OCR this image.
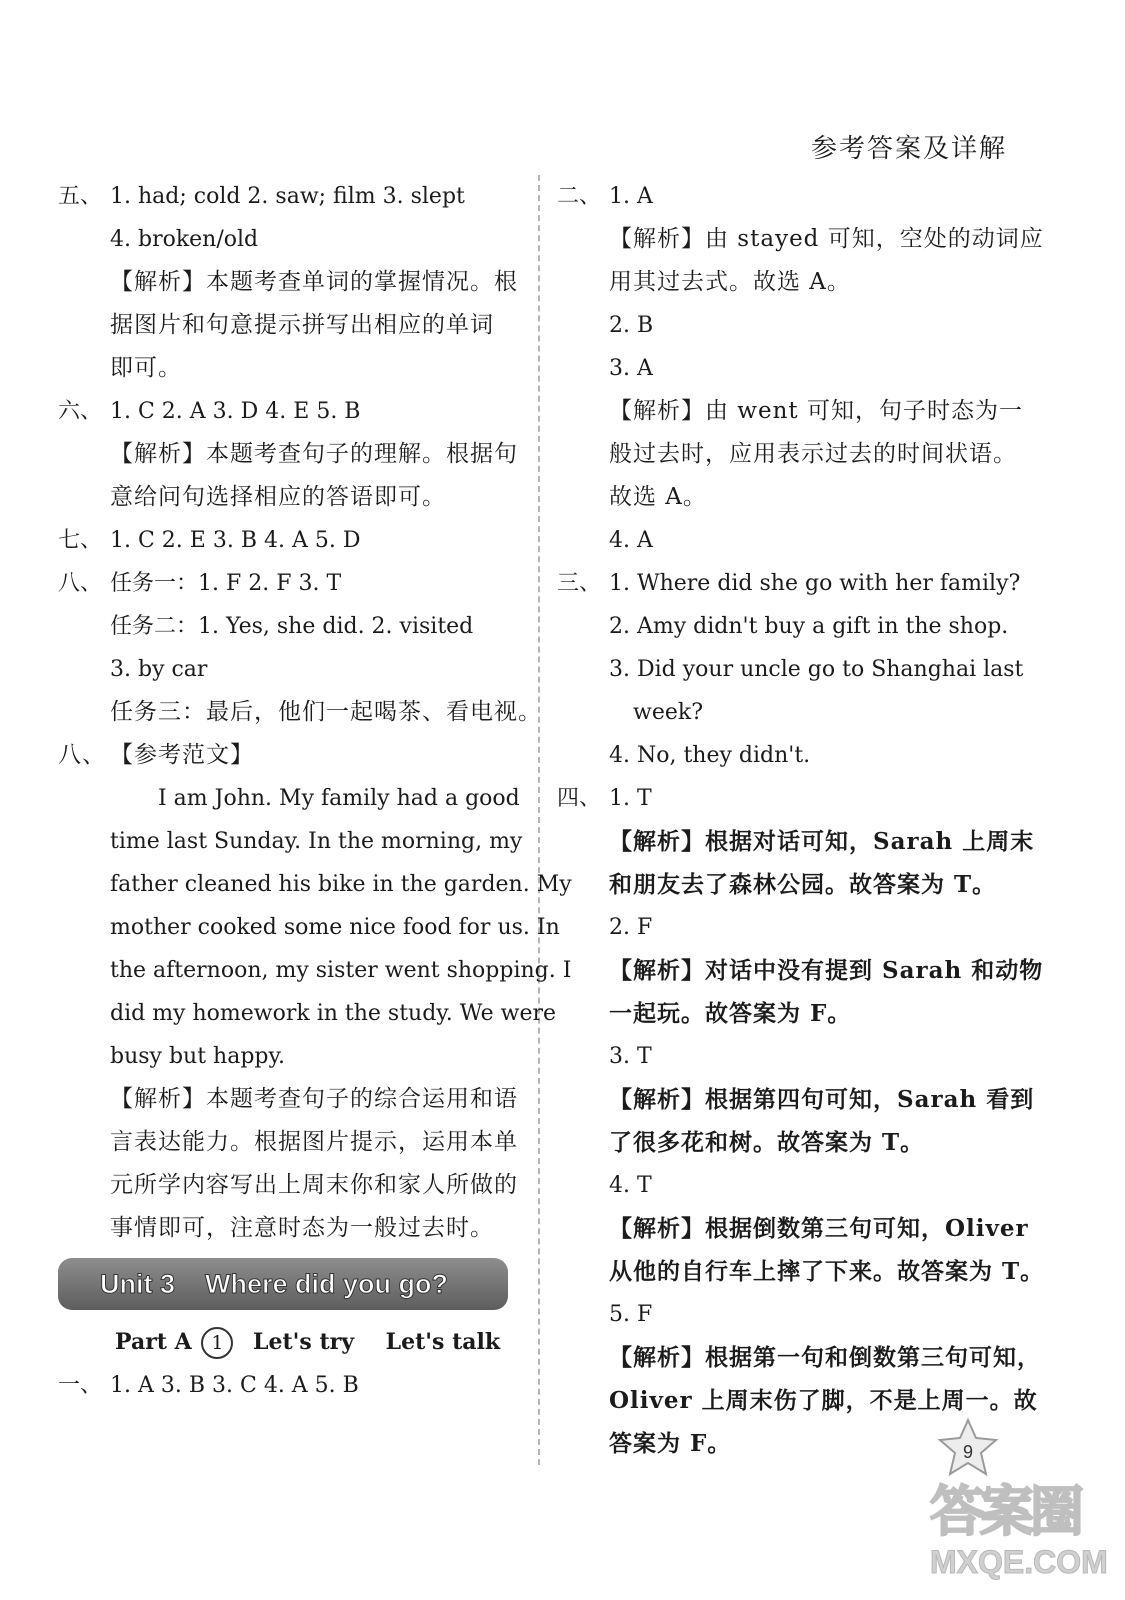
参考答案及详解
五、 1. had; cold 2. saw; film 3. slept
4. broken/old
【解析】本题考查单词的掌握情况。根
据图片和句意提示拼写出相应的单词
即可。
六、 1. C 2. A 3. D 4. E 5. B
【解析】本题考查句子的理解。根据句
意给问句选择相应的答语即可。
七、 1. C 2. E 3. B 4. A 5. D
八、 任务一：1. F 2. F 3. T
任务二：1. Yes, she did. 2. visited
3. by car
任务三：最后，他们一起喝茶、看电视。
八、 【参考范文】
I am John. My family had a good
time last Sunday. In the morning, my
father cleaned his bike in the garden. My
mother cooked some nice food for us. In
the afternoon, my sister went shopping. I
did my homework in the study. We were
busy but happy.
【解析】本题考查句子的综合运用和语
言表达能力。根据图片提示，运用本单
元所学内容写出上周末你和家人所做的
事情即可，注意时态为一般过去时。
Unit 3 Where did you go?
Part A 1 Let's try Let's talk
一、 1. A 3. B 3. C 4. A 5. B
二、 1. A
【解析】由 stayed 可知，空处的动词应
用其过去式。故选 A。
2. B
3. A
【解析】由 went 可知，句子时态为一
般过去时，应用表示过去的时间状语。
故选 A。
4. A
三、 1. Where did she go with her family?
2. Amy didn't buy a gift in the shop.
3. Did your uncle go to Shanghai last
week?
4. No, they didn't.
四、 1. T
【解析】根据对话可知，Sarah 上周末
和朋友去了森林公园。故答案为 T。
2. F
【解析】对话中没有提到 Sarah 和动物
一起玩。故答案为 F。
3. T
【解析】根据第四句可知，Sarah 看到
了很多花和树。故答案为 T。
4. T
【解析】根据倒数第三句可知，Oliver
从他的自行车上摔了下来。故答案为 T。
5. F
【解析】根据第一句和倒数第三句可知，
Oliver 上周末伤了脚，不是上周一。故
答案为 F。	9
答案圈
MXQE.COM
